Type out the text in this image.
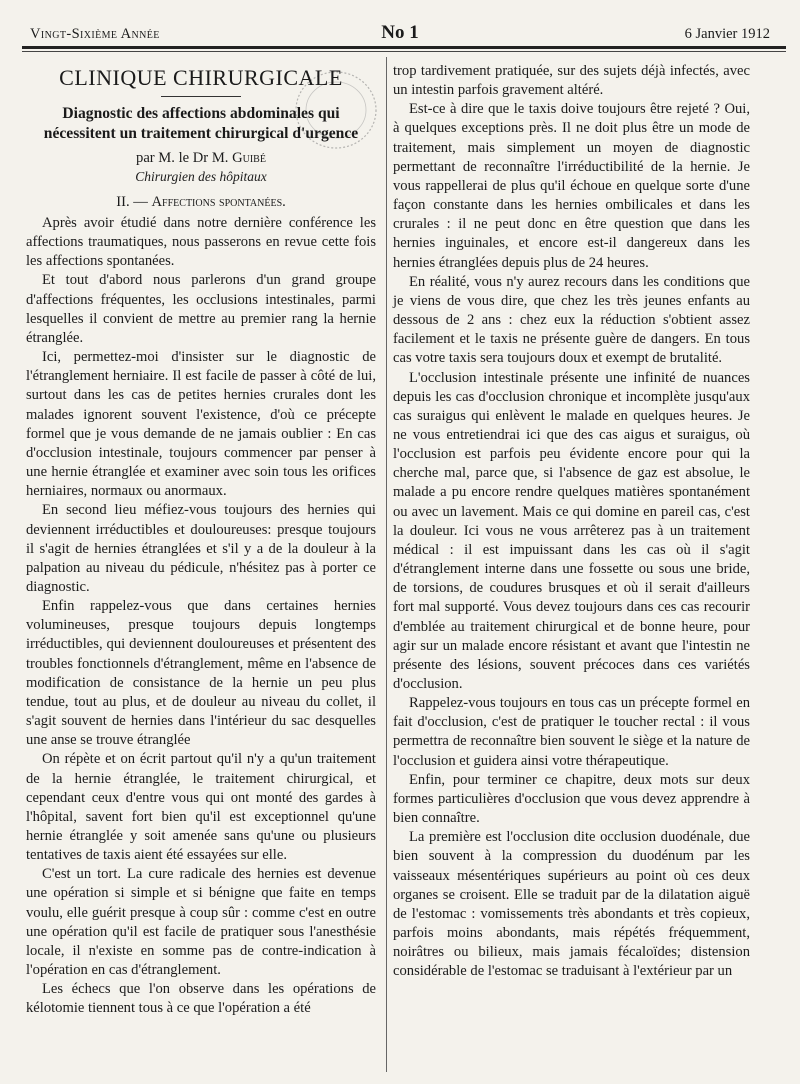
Vingt-Sixième Année	No 1	6 Janvier 1912
CLINIQUE CHIRURGICALE
Diagnostic des affections abdominales qui
nécessitent un traitement chirurgical d'urgence
par M. le Dr M. Guibé
Chirurgien des hôpitaux
II. — Affections spontanées.

Après avoir étudié dans notre dernière conférence les affections traumatiques, nous passerons en revue cette fois les affections spontanées.

Et tout d'abord nous parlerons d'un grand groupe d'affections fréquentes, les occlusions intestinales, parmi lesquelles il convient de mettre au premier rang la hernie étranglée.

Ici, permettez-moi d'insister sur le diagnostic de l'étranglement herniaire. Il est facile de passer à côté de lui, surtout dans les cas de petites hernies crurales dont les malades ignorent souvent l'existence, d'où ce précepte formel que je vous demande de ne jamais oublier : En cas d'occlusion intestinale, toujours commencer par penser à une hernie étranglée et examiner avec soin tous les orifices herniaires, normaux ou anormaux.

En second lieu méfiez-vous toujours des hernies qui deviennent irréductibles et douloureuses: presque toujours il s'agit de hernies étranglées et s'il y a de la douleur à la palpation au niveau du pédicule, n'hésitez pas à porter ce diagnostic.

Enfin rappelez-vous que dans certaines hernies volumineuses, presque toujours depuis longtemps irréductibles, qui deviennent douloureuses et présentent des troubles fonctionnels d'étranglement, même en l'absence de modification de consistance de la hernie un peu plus tendue, tout au plus, et de douleur au niveau du collet, il s'agit souvent de hernies dans l'intérieur du sac desquelles une anse se trouve étranglée

On répète et on écrit partout qu'il n'y a qu'un traitement de la hernie étranglée, le traitement chirurgical, et cependant ceux d'entre vous qui ont monté des gardes à l'hôpital, savent fort bien qu'il est exceptionnel qu'une hernie étranglée y soit amenée sans qu'une ou plusieurs tentatives de taxis aient été essayées sur elle.

C'est un tort. La cure radicale des hernies est devenue une opération si simple et si bénigne que faite en temps voulu, elle guérit presque à coup sûr : comme c'est en outre une opération qu'il est facile de pratiquer sous l'anesthésie locale, il n'existe en somme pas de contre-indication à l'opération en cas d'étranglement.

Les échecs que l'on observe dans les opérations de kélotomie tiennent tous à ce que l'opération a été

trop tardivement pratiquée, sur des sujets déjà infectés, avec un intestin parfois gravement altéré.

Est-ce à dire que le taxis doive toujours être rejeté ? Oui, à quelques exceptions près. Il ne doit plus être un mode de traitement, mais simplement un moyen de diagnostic permettant de reconnaître l'irréductibilité de la hernie. Je vous rappellerai de plus qu'il échoue en quelque sorte d'une façon constante dans les hernies ombilicales et dans les crurales : il ne peut donc en être question que dans les hernies inguinales, et encore est-il dangereux dans les hernies étranglées depuis plus de 24 heures.

En réalité, vous n'y aurez recours dans les conditions que je viens de vous dire, que chez les très jeunes enfants au dessous de 2 ans : chez eux la réduction s'obtient assez facilement et le taxis ne présente guère de dangers. En tous cas votre taxis sera toujours doux et exempt de brutalité.

L'occlusion intestinale présente une infinité de nuances depuis les cas d'occlusion chronique et incomplète jusqu'aux cas suraigus qui enlèvent le malade en quelques heures. Je ne vous entretiendrai ici que des cas aigus et suraigus, où l'occlusion est parfois peu évidente encore pour qui la cherche mal, parce que, si l'absence de gaz est absolue, le malade a pu encore rendre quelques matières spontanément ou avec un lavement. Mais ce qui domine en pareil cas, c'est la douleur. Ici vous ne vous arrêterez pas à un traitement médical : il est impuissant dans les cas où il s'agit d'étranglement interne dans une fossette ou sous une bride, de torsions, de coudures brusques et où il serait d'ailleurs fort mal supporté. Vous devez toujours dans ces cas recourir d'emblée au traitement chirurgical et de bonne heure, pour agir sur un malade encore résistant et avant que l'intestin ne présente des lésions, souvent précoces dans ces variétés d'occlusion.

Rappelez-vous toujours en tous cas un précepte formel en fait d'occlusion, c'est de pratiquer le toucher rectal : il vous permettra de reconnaître bien souvent le siège et la nature de l'occlusion et guidera ainsi votre thérapeutique.

Enfin, pour terminer ce chapitre, deux mots sur deux formes particulières d'occlusion que vous devez apprendre à bien connaître.

La première est l'occlusion dite occlusion duodénale, due bien souvent à la compression du duodénum par les vaisseaux mésentériques supérieurs au point où ces deux organes se croisent. Elle se traduit par de la dilatation aiguë de l'estomac : vomissements très abondants et très copieux, parfois moins abondants, mais répétés fréquemment, noirâtres ou bilieux, mais jamais fécaloïdes; distension considérable de l'estomac se traduisant à l'extérieur par un
